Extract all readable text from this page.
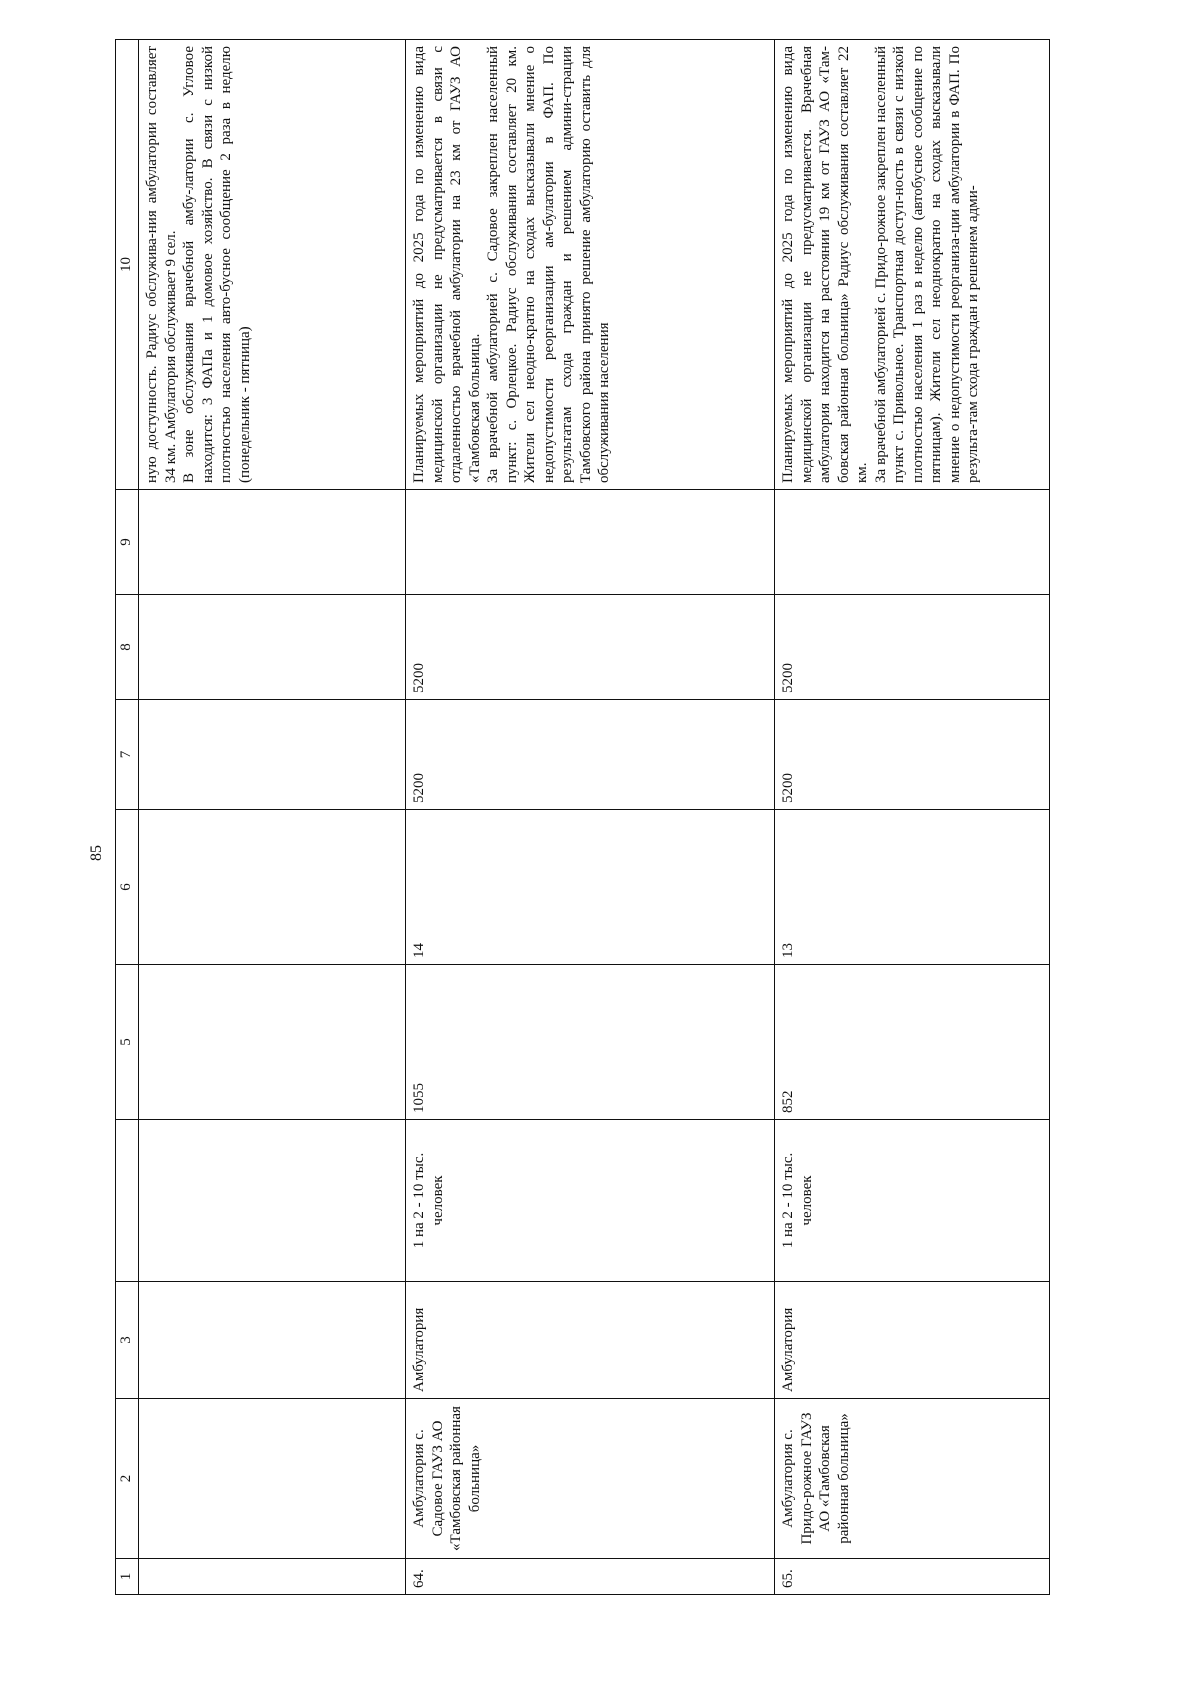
85
1	2	3		5	6	7	8	9	10
									ную доступность. Радиус обслужива-ния амбулатории составляет 34 км. Амбулатория обслуживает 9 сел.
В зоне обслуживания врачебной амбу-латории с. Угловое находится: 3 ФАПа и 1 домовое хозяйство. В связи с низкой плотностью населения авто-бусное сообщение 2 раза в неделю (понедельник - пятница)
64.	Амбулатория с. Садовое ГАУЗ АО «Тамбовская районная больница»	Амбулатория	1 на 2 - 10 тыс. человек	1055	14	5200	5200		Планируемых мероприятий до 2025 года по изменению вида медицинской организации не предусматривается в связи с отдаленностью врачебной амбулатории на 23 км от ГАУЗ АО «Тамбовская больница.
За врачебной амбулаторией с. Садовое закреплен населенный пункт: с. Орлецкое. Радиус обслуживания составляет 20 км. Жители сел неодно-кратно на сходах высказывали мнение о недопустимости реорганизации ам-булатории в ФАП. По результатам схода граждан и решением админи-страции Тамбовского района принято решение амбулаторию оставить для обслуживания населения
65.	Амбулатория с. Придо-рожное ГАУЗ АО «Тамбовская районная больница»	Амбулатория	1 на 2 - 10 тыс. человек	852	13	5200	5200		Планируемых мероприятий до 2025 года по изменению вида медицинской организации не предусматривается. Врачебная амбулатория находится на расстоянии 19 км от ГАУЗ АО «Там-бовская районная больница» Радиус обслуживания составляет 22 км.
За врачебной амбулаторией с. Придо-рожное закреплен населенный пункт с. Привольное. Транспортная доступ-ность в связи с низкой плотностью населения 1 раз в неделю (автобусное сообщение по пятницам). Жители сел неоднократно на сходах высказывали мнение о недопустимости реорганиза-ции амбулатории в ФАП. По результа-там схода граждан и решением адми-
